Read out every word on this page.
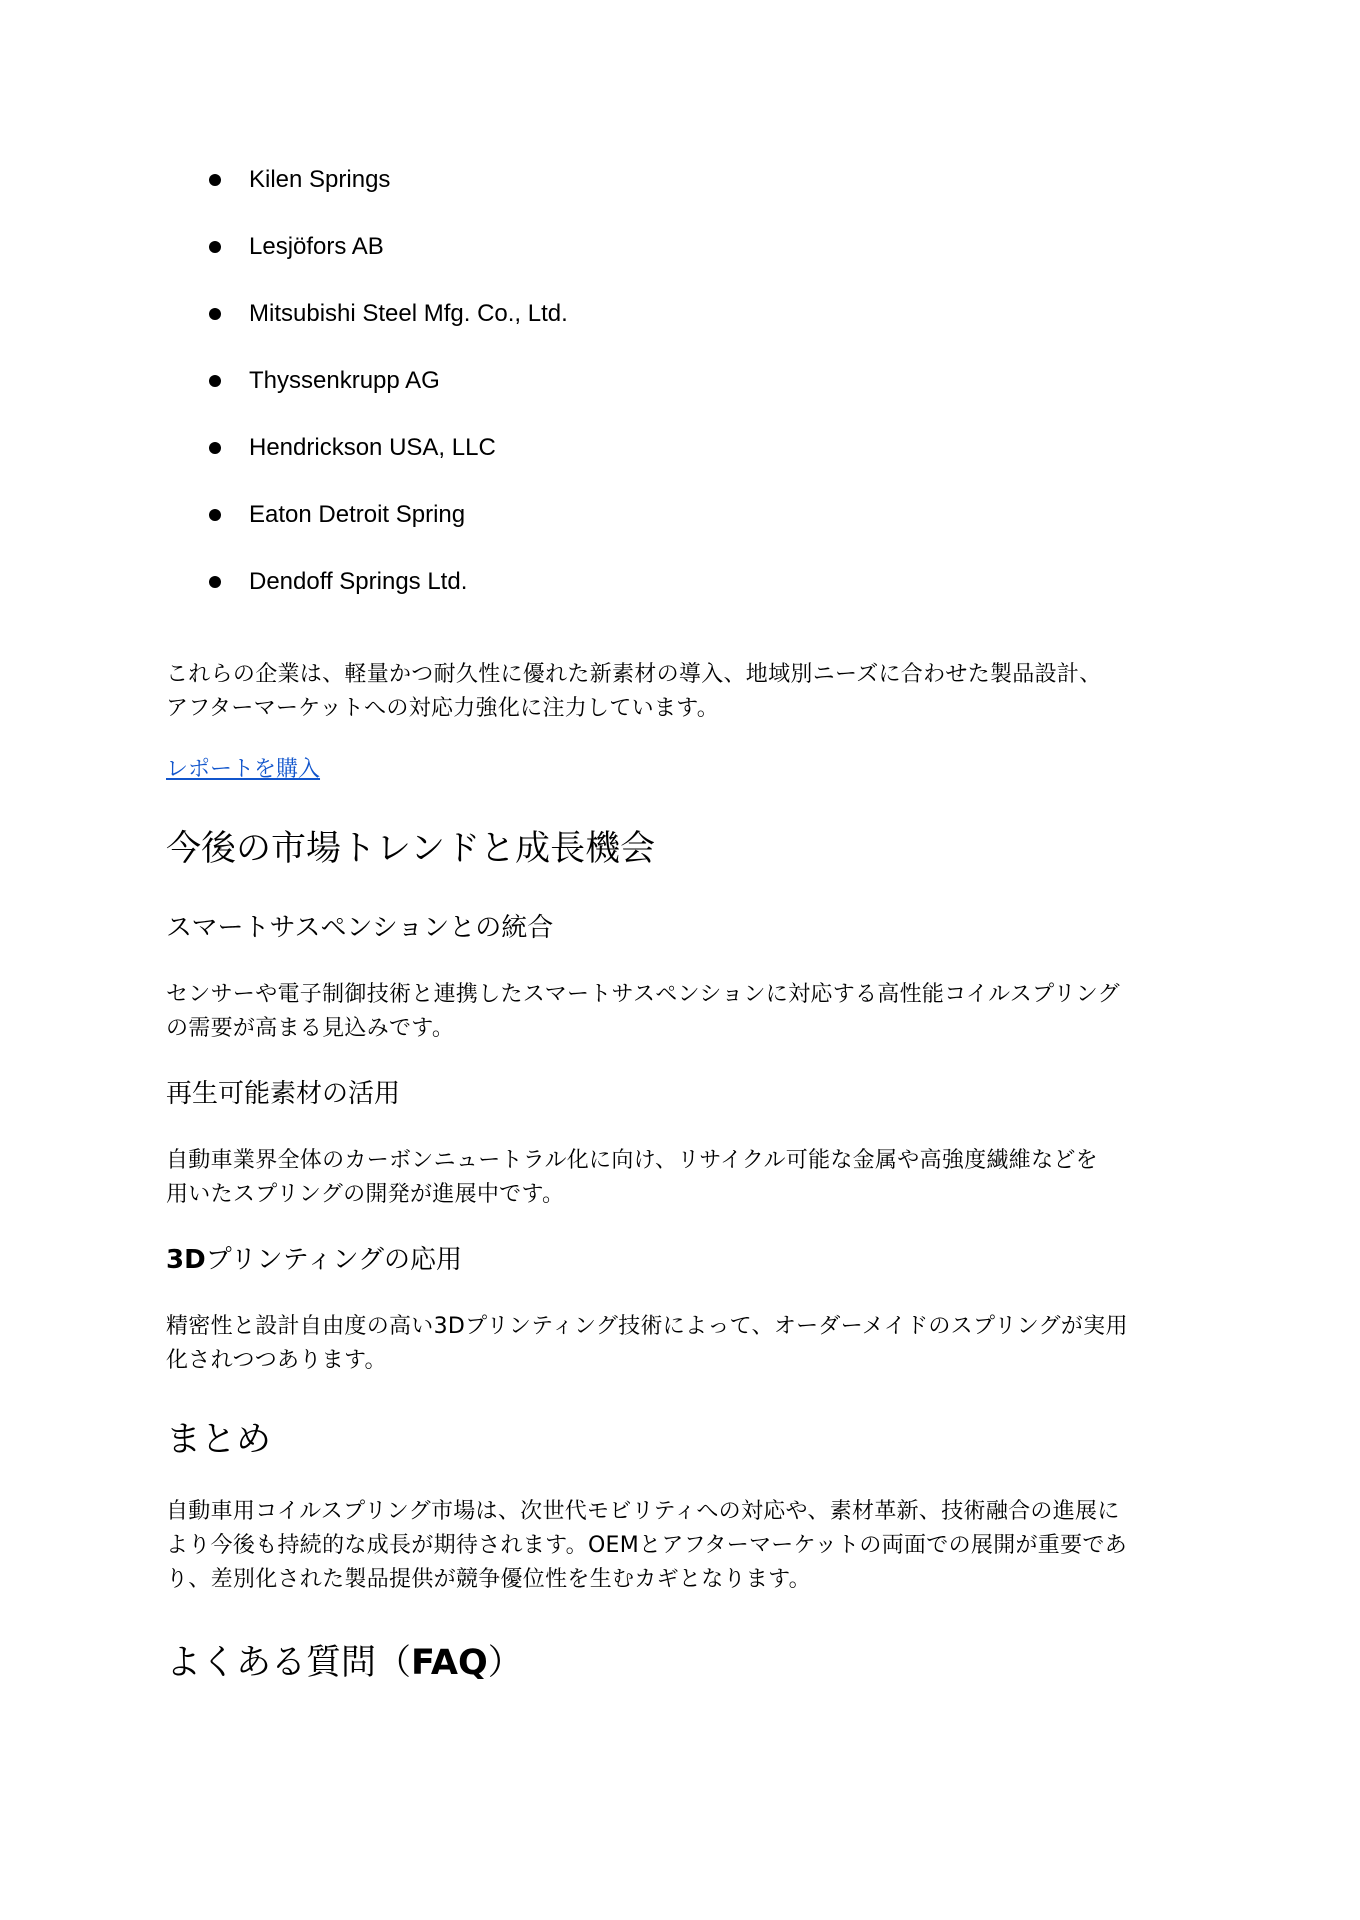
Kilen Springs
Lesjöfors AB
Mitsubishi Steel Mfg. Co., Ltd.
Thyssenkrupp AG
Hendrickson USA, LLC
Eaton Detroit Spring
Dendoff Springs Ltd.

これらの企業は、軽量かつ耐久性に優れた新素材の導入、地域別ニーズに合わせた製品設計、

アフターマーケットへの対応力強化に注力しています。

レポートを購入
今後の市場トレンドと成長機会
スマートサスペンションとの統合

センサーや電子制御技術と連携したスマートサスペンションに対応する高性能コイルスプリング

の需要が高まる見込みです。

再生可能素材の活用

自動車業界全体のカーボンニュートラル化に向け、リサイクル可能な金属や高強度繊維などを

用いたスプリングの開発が進展中です。

3Dプリンティングの応用

精密性と設計自由度の高い3Dプリンティング技術によって、オーダーメイドのスプリングが実用

化されつつあります。

まとめ

自動車用コイルスプリング市場は、次世代モビリティへの対応や、素材革新、技術融合の進展に

より今後も持続的な成長が期待されます。OEMとアフターマーケットの両面での展開が重要であ

り、差別化された製品提供が競争優位性を生むカギとなります。

よくある質問（FAQ）
